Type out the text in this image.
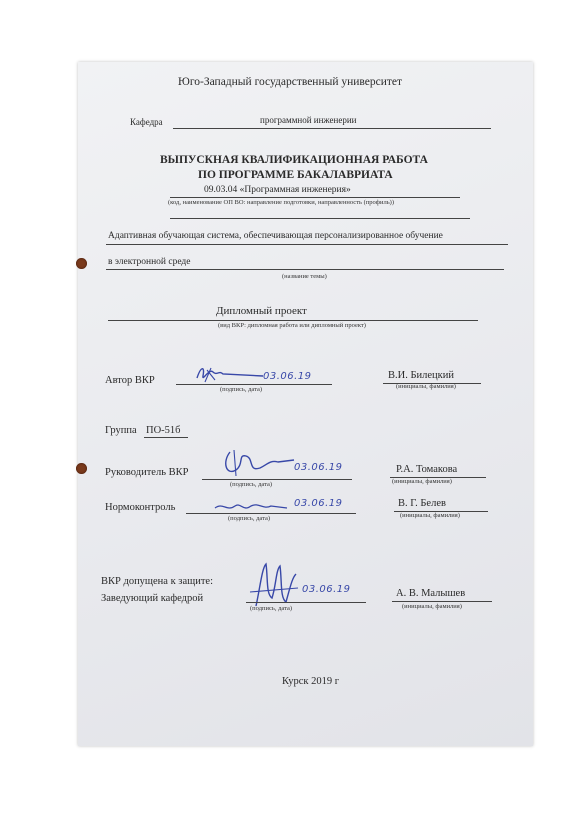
Юго-Западный государственный университет
Кафедра	программной инженерии
ВЫПУСКНАЯ КВАЛИФИКАЦИОННАЯ РАБОТА
ПО ПРОГРАММЕ БАКАЛАВРИАТА
09.03.04 «Программная инженерия»
(код, наименование ОП ВО: направление подготовки, направленность (профиль))
Адаптивная обучающая система, обеспечивающая персонализированное обучение
в электронной среде
(название темы)
Дипломный проект
(вид ВКР: дипломная работа или дипломный проект)
Автор ВКР	03.06.19
(подпись, дата)
В.И. Билецкий
(инициалы, фамилия)
Группа ПО-51б
Руководитель ВКР	03.06.19
(подпись, дата)
Р.А. Томакова
(инициалы, фамилия)
Нормоконтроль	03.06.19
(подпись, дата)
В. Г. Белев
(инициалы, фамилия)
ВКР допущена к защите:
Заведующий кафедрой
03.06.19
(подпись, дата)
А. В. Малышев
(инициалы, фамилия)
Курск 2019 г
